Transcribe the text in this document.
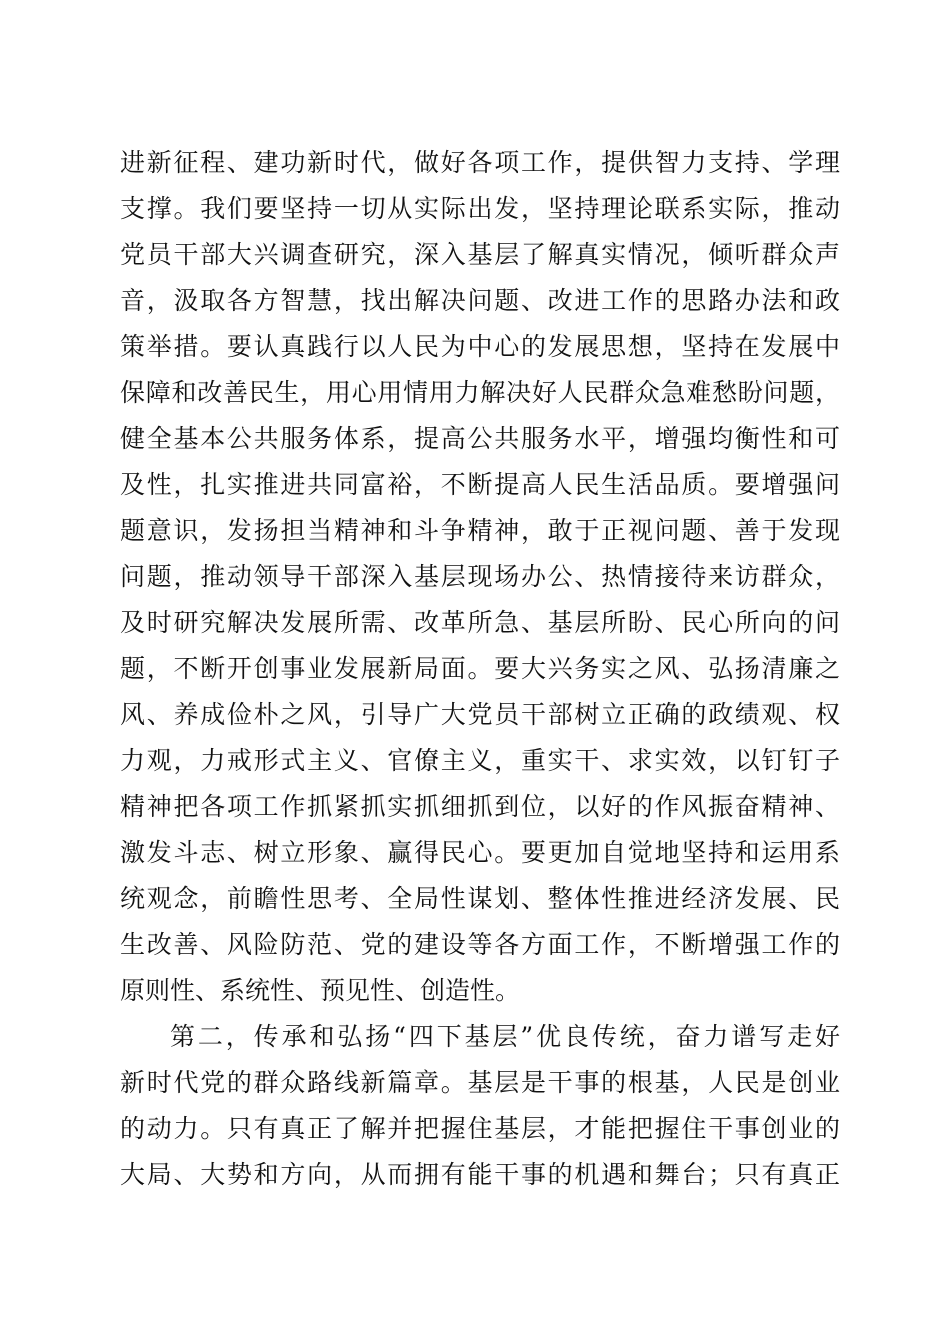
进新征程、建功新时代，做好各项工作，提供智力支持、学理
支撑。我们要坚持一切从实际出发，坚持理论联系实际，推动
党员干部大兴调查研究，深入基层了解真实情况，倾听群众声
音，汲取各方智慧，找出解决问题、改进工作的思路办法和政
策举措。要认真践行以人民为中心的发展思想，坚持在发展中
保障和改善民生，用心用情用力解决好人民群众急难愁盼问题，
健全基本公共服务体系，提高公共服务水平，增强均衡性和可
及性，扎实推进共同富裕，不断提高人民生活品质。要增强问
题意识，发扬担当精神和斗争精神，敢于正视问题、善于发现
问题，推动领导干部深入基层现场办公、热情接待来访群众，
及时研究解决发展所需、改革所急、基层所盼、民心所向的问
题，不断开创事业发展新局面。要大兴务实之风、弘扬清廉之
风、养成俭朴之风，引导广大党员干部树立正确的政绩观、权
力观，力戒形式主义、官僚主义，重实干、求实效，以钉钉子
精神把各项工作抓紧抓实抓细抓到位，以好的作风振奋精神、
激发斗志、树立形象、赢得民心。要更加自觉地坚持和运用系
统观念，前瞻性思考、全局性谋划、整体性推进经济发展、民
生改善、风险防范、党的建设等各方面工作，不断增强工作的
原则性、系统性、预见性、创造性。
第二，传承和弘扬“四下基层”优良传统，奋力谱写走好
新时代党的群众路线新篇章。基层是干事的根基，人民是创业
的动力。只有真正了解并把握住基层，才能把握住干事创业的
大局、大势和方向，从而拥有能干事的机遇和舞台；只有真正
